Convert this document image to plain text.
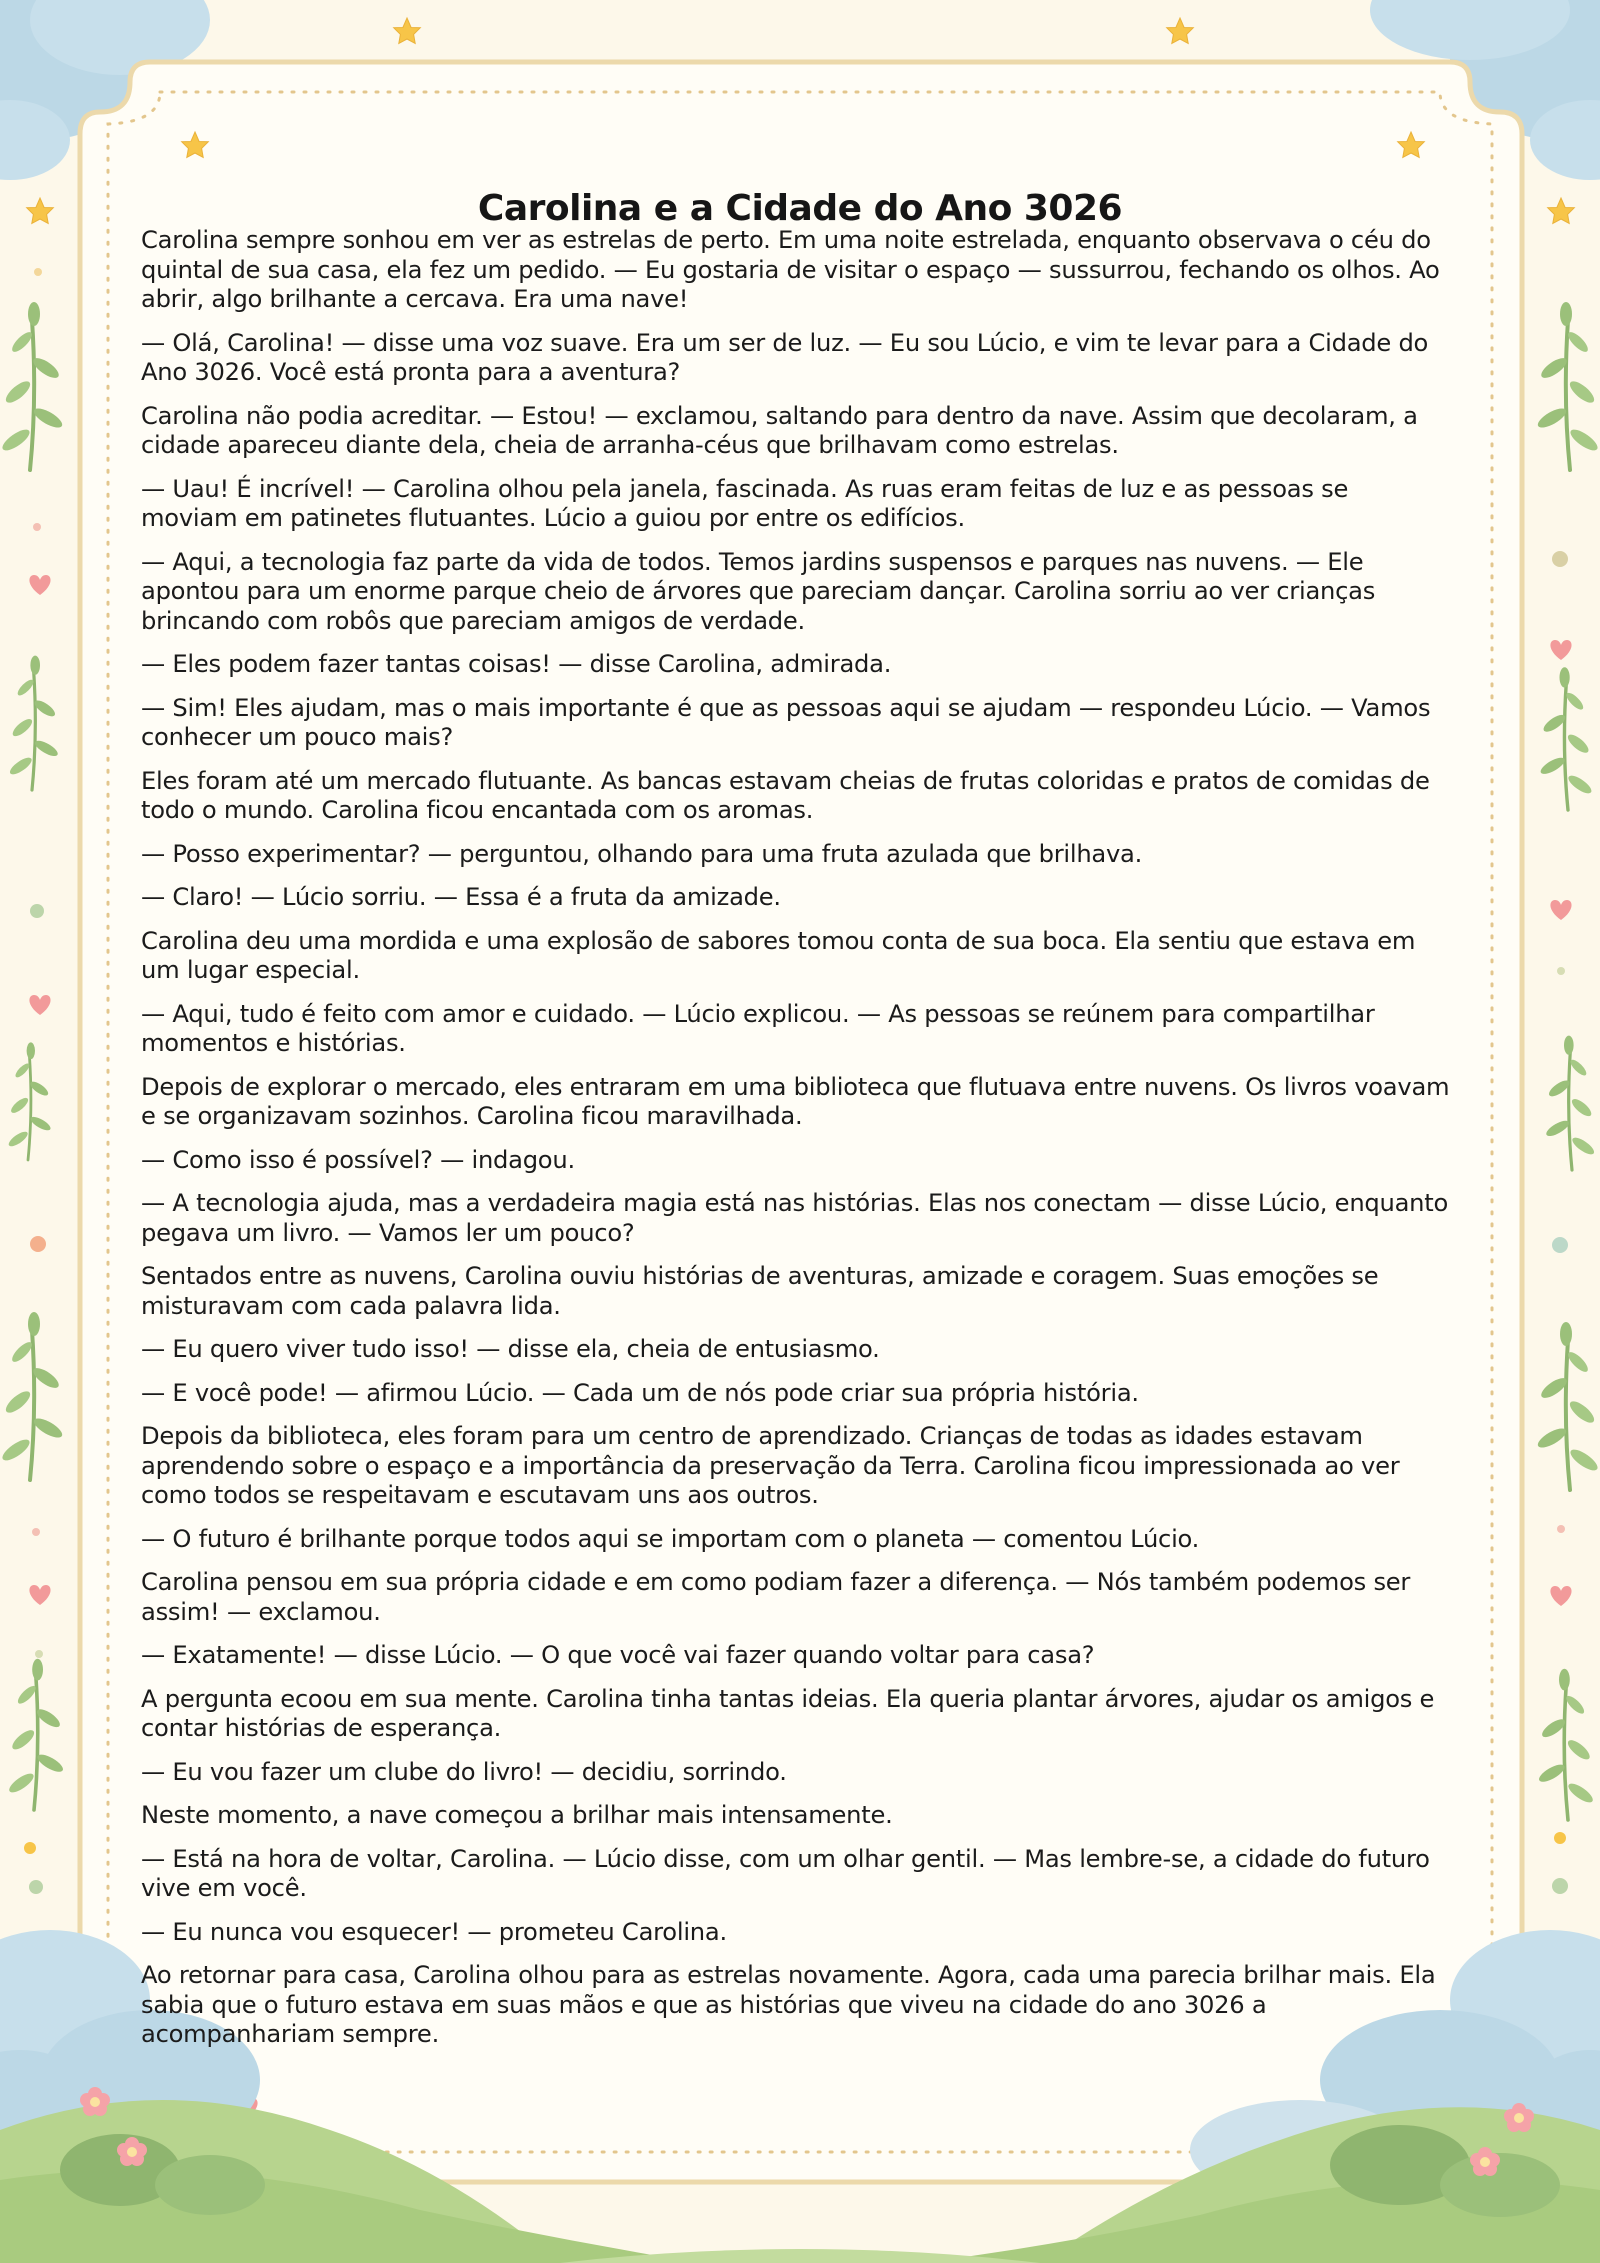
Carolina e a Cidade do Ano 3026

Carolina sempre sonhou em ver as estrelas de perto. Em uma noite estrelada, enquanto observava o céu do quintal de sua casa, ela fez um pedido. — Eu gostaria de visitar o espaço — sussurrou, fechando os olhos. Ao abrir, algo brilhante a cercava. Era uma nave!

— Olá, Carolina! — disse uma voz suave. Era um ser de luz. — Eu sou Lúcio, e vim te levar para a Cidade do Ano 3026. Você está pronta para a aventura?

Carolina não podia acreditar. — Estou! — exclamou, saltando para dentro da nave. Assim que decolaram, a cidade apareceu diante dela, cheia de arranha-céus que brilhavam como estrelas.

— Uau! É incrível! — Carolina olhou pela janela, fascinada. As ruas eram feitas de luz e as pessoas se moviam em patinetes flutuantes. Lúcio a guiou por entre os edifícios.

— Aqui, a tecnologia faz parte da vida de todos. Temos jardins suspensos e parques nas nuvens. — Ele apontou para um enorme parque cheio de árvores que pareciam dançar. Carolina sorriu ao ver crianças brincando com robôs que pareciam amigos de verdade.

— Eles podem fazer tantas coisas! — disse Carolina, admirada.

— Sim! Eles ajudam, mas o mais importante é que as pessoas aqui se ajudam — respondeu Lúcio. — Vamos conhecer um pouco mais?

Eles foram até um mercado flutuante. As bancas estavam cheias de frutas coloridas e pratos de comidas de todo o mundo. Carolina ficou encantada com os aromas.

— Posso experimentar? — perguntou, olhando para uma fruta azulada que brilhava.

— Claro! — Lúcio sorriu. — Essa é a fruta da amizade.

Carolina deu uma mordida e uma explosão de sabores tomou conta de sua boca. Ela sentiu que estava em um lugar especial.

— Aqui, tudo é feito com amor e cuidado. — Lúcio explicou. — As pessoas se reúnem para compartilhar momentos e histórias.

Depois de explorar o mercado, eles entraram em uma biblioteca que flutuava entre nuvens. Os livros voavam e se organizavam sozinhos. Carolina ficou maravilhada.

— Como isso é possível? — indagou.

— A tecnologia ajuda, mas a verdadeira magia está nas histórias. Elas nos conectam — disse Lúcio, enquanto pegava um livro. — Vamos ler um pouco?

Sentados entre as nuvens, Carolina ouviu histórias de aventuras, amizade e coragem. Suas emoções se misturavam com cada palavra lida.

— Eu quero viver tudo isso! — disse ela, cheia de entusiasmo.

— E você pode! — afirmou Lúcio. — Cada um de nós pode criar sua própria história.

Depois da biblioteca, eles foram para um centro de aprendizado. Crianças de todas as idades estavam aprendendo sobre o espaço e a importância da preservação da Terra. Carolina ficou impressionada ao ver como todos se respeitavam e escutavam uns aos outros.

— O futuro é brilhante porque todos aqui se importam com o planeta — comentou Lúcio.

Carolina pensou em sua própria cidade e em como podiam fazer a diferença. — Nós também podemos ser assim! — exclamou.

— Exatamente! — disse Lúcio. — O que você vai fazer quando voltar para casa?

A pergunta ecoou em sua mente. Carolina tinha tantas ideias. Ela queria plantar árvores, ajudar os amigos e contar histórias de esperança.

— Eu vou fazer um clube do livro! — decidiu, sorrindo.

Neste momento, a nave começou a brilhar mais intensamente.

— Está na hora de voltar, Carolina. — Lúcio disse, com um olhar gentil. — Mas lembre-se, a cidade do futuro vive em você.

— Eu nunca vou esquecer! — prometeu Carolina.

Ao retornar para casa, Carolina olhou para as estrelas novamente. Agora, cada uma parecia brilhar mais. Ela sabia que o futuro estava em suas mãos e que as histórias que viveu na cidade do ano 3026 a acompanhariam sempre.
